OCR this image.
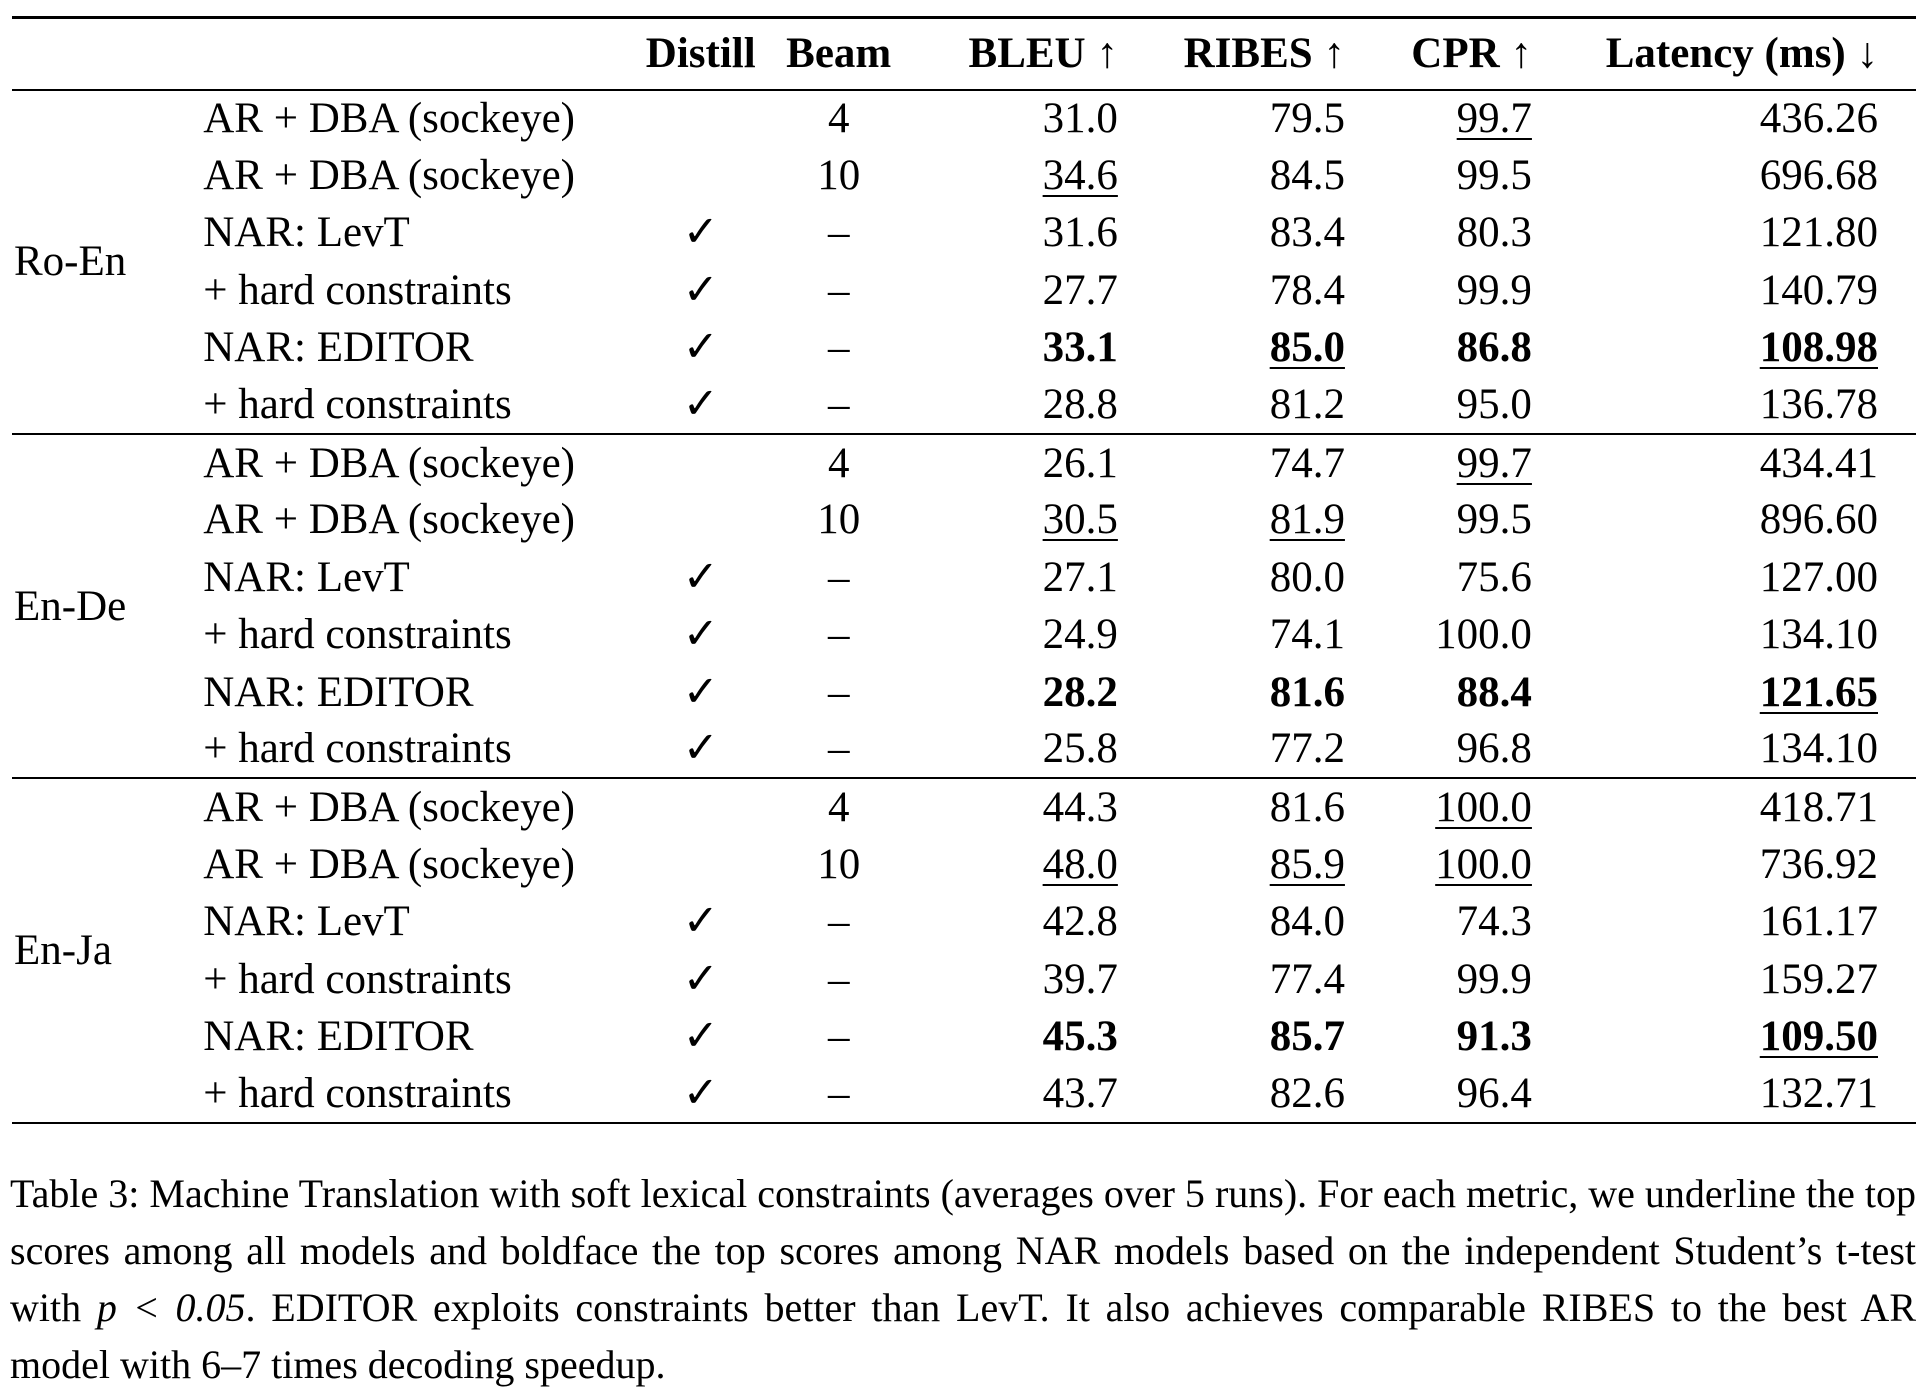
		Distill	Beam	BLEU ↑	RIBES ↑	CPR ↑	Latency (ms) ↓
Ro-En	AR + DBA (sockeye)		4	31.0	79.5	99.7	436.26
	AR + DBA (sockeye)		10	34.6	84.5	99.5	696.68
	NAR: LevT	✓	–	31.6	83.4	80.3	121.80
	+ hard constraints	✓	–	27.7	78.4	99.9	140.79
	NAR: EDITOR	✓	–	33.1	85.0	86.8	108.98
	+ hard constraints	✓	–	28.8	81.2	95.0	136.78
En-De	AR + DBA (sockeye)		4	26.1	74.7	99.7	434.41
	AR + DBA (sockeye)		10	30.5	81.9	99.5	896.60
	NAR: LevT	✓	–	27.1	80.0	75.6	127.00
	+ hard constraints	✓	–	24.9	74.1	100.0	134.10
	NAR: EDITOR	✓	–	28.2	81.6	88.4	121.65
	+ hard constraints	✓	–	25.8	77.2	96.8	134.10
En-Ja	AR + DBA (sockeye)		4	44.3	81.6	100.0	418.71
	AR + DBA (sockeye)		10	48.0	85.9	100.0	736.92
	NAR: LevT	✓	–	42.8	84.0	74.3	161.17
	+ hard constraints	✓	–	39.7	77.4	99.9	159.27
	NAR: EDITOR	✓	–	45.3	85.7	91.3	109.50
	+ hard constraints	✓	–	43.7	82.6	96.4	132.71
Table 3: Machine Translation with soft lexical constraints (averages over 5 runs). For each metric, we underline the top scores among all models and boldface the top scores among NAR models based on the independent Student’s t-test with p < 0.05. EDITOR exploits constraints better than LevT. It also achieves comparable RIBES to the best AR model with 6–7 times decoding speedup.
